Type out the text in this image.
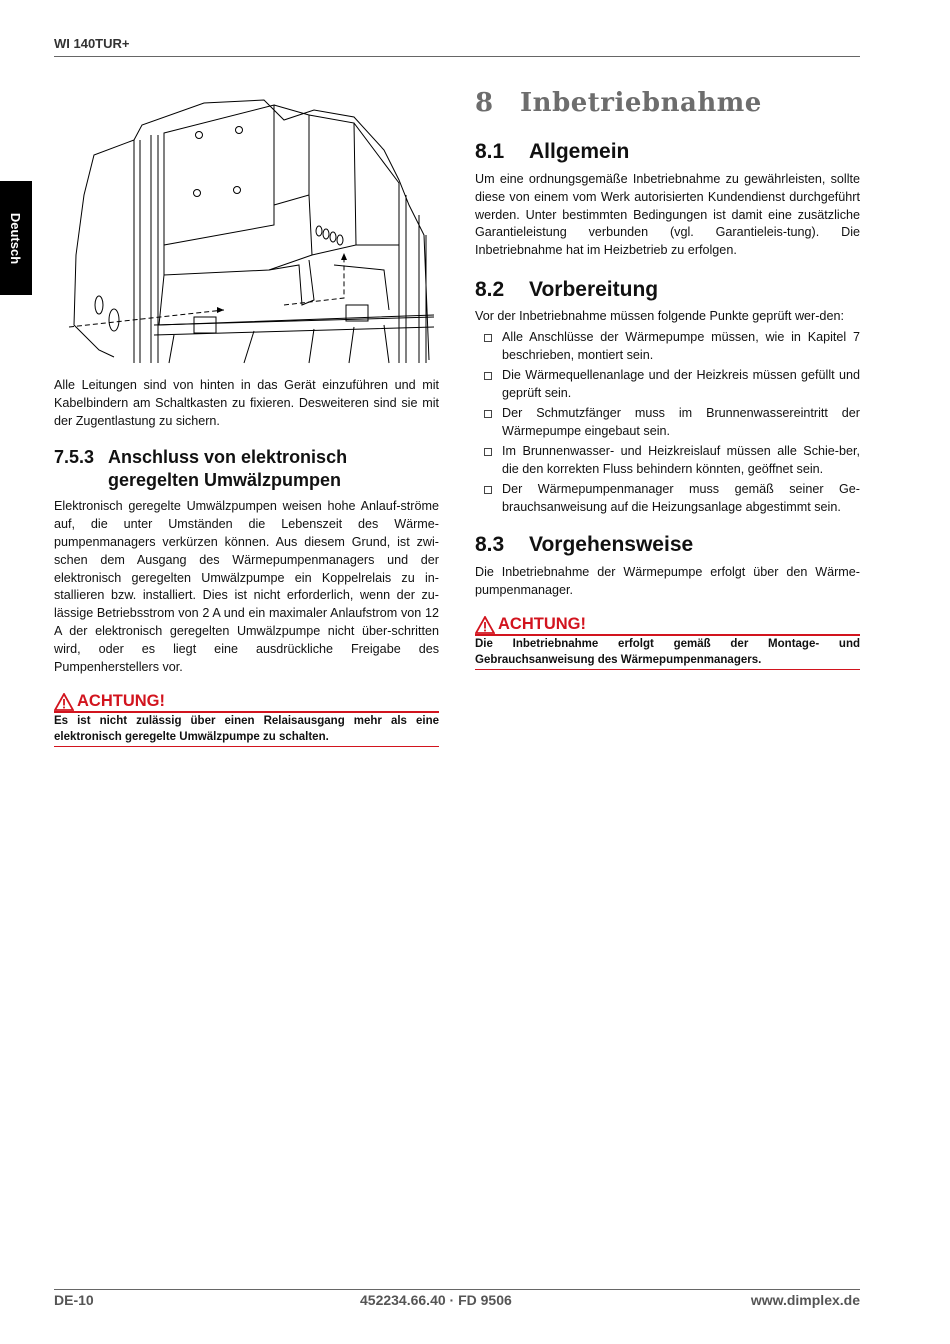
WI 140TUR+
Deutsch

Alle Leitungen sind von hinten in das Gerät einzuführen und mit Kabelbindern am Schaltkasten zu fixieren. Desweiteren sind sie mit der Zugentlastung zu sichern.

7.5.3 Anschluss von elektronisch
geregelten Umwälzpumpen

Elektronisch geregelte Umwälzpumpen weisen hohe Anlauf-ströme auf, die unter Umständen die Lebenszeit des Wärme-pumpenmanagers verkürzen können. Aus diesem Grund, ist zwi-schen dem Ausgang des Wärmepumpenmanagers und der elektronisch geregelten Umwälzpumpe ein Koppelrelais zu in-stallieren bzw. installiert. Dies ist nicht erforderlich, wenn der zu-lässige Betriebsstrom von 2 A und ein maximaler Anlaufstrom von 12 A der elektronisch geregelten Umwälzpumpe nicht über-schritten wird, oder es liegt eine ausdrückliche Freigabe des Pumpenherstellers vor.

ACHTUNG!
Es ist nicht zulässig über einen Relaisausgang mehr als eine elektronisch geregelte Umwälzpumpe zu schalten.
8	Inbetriebnahme
8.1	Allgemein

Um eine ordnungsgemäße Inbetriebnahme zu gewährleisten, sollte diese von einem vom Werk autorisierten Kundendienst durchgeführt werden. Unter bestimmten Bedingungen ist damit eine zusätzliche Garantieleistung verbunden (vgl. Garantieleis-tung). Die Inbetriebnahme hat im Heizbetrieb zu erfolgen.

8.2	Vorbereitung

Vor der Inbetriebnahme müssen folgende Punkte geprüft wer-den:

Alle Anschlüsse der Wärmepumpe müssen, wie in Kapitel 7 beschrieben, montiert sein.
Die Wärmequellenanlage und der Heizkreis müssen gefüllt und geprüft sein.
Der Schmutzfänger muss im Brunnenwassereintritt der Wärmepumpe eingebaut sein.
Im Brunnenwasser- und Heizkreislauf müssen alle Schie-ber, die den korrekten Fluss behindern könnten, geöffnet sein.
Der Wärmepumpenmanager muss gemäß seiner Ge-brauchsanweisung auf die Heizungsanlage abgestimmt sein.
8.3	Vorgehensweise

Die Inbetriebnahme der Wärmepumpe erfolgt über den Wärme-pumpenmanager.

ACHTUNG!
Die Inbetriebnahme erfolgt gemäß der Montage- und Gebrauchsanweisung des Wärmepumpenmanagers.
DE-10	452234.66.40 · FD 9506	www.dimplex.de
